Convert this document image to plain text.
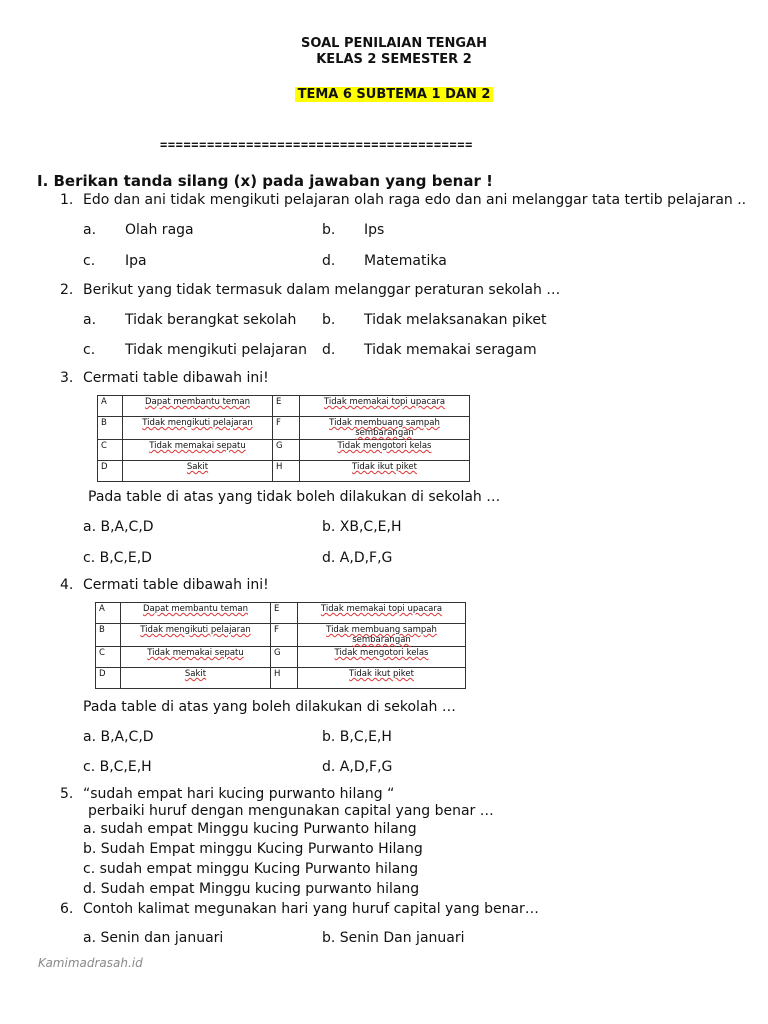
SOAL PENILAIAN TENGAH
KELAS 2 SEMESTER 2
TEMA 6 SUBTEMA 1 DAN 2
========================================
I. Berikan tanda silang (x) pada jawaban yang benar !
1. Edo dan ani tidak mengikuti pelajaran olah raga edo dan ani melanggar tata tertib pelajaran ..
a. Olah raga	b. Ips
c. Ipa	d. Matematika
2. Berikut yang tidak termasuk dalam melanggar peraturan sekolah …
a. Tidak berangkat sekolah b. Tidak melaksanakan piket
c. Tidak mengikuti pelajaran d. Tidak memakai seragam
3. Cermati table dibawah ini!
A	Dapat membantu teman	E	Tidak memakai topi upacara
B	Tidak mengikuti pelajaran	F	Tidak membuang sampah sembarangan
C	Tidak memakai sepatu	G	Tidak mengotori kelas
D	Sakit	H	Tidak ikut piket
Pada table di atas yang tidak boleh dilakukan di sekolah …
a. B,A,C,D	b. XB,C,E,H
c. B,C,E,D	d. A,D,F,G
4. Cermati table dibawah ini!
A	Dapat membantu teman	E	Tidak memakai topi upacara
B	Tidak mengikuti pelajaran	F	Tidak membuang sampah sembarangan
C	Tidak memakai sepatu	G	Tidak mengotori kelas
D	Sakit	H	Tidak ikut piket
Pada table di atas yang boleh dilakukan di sekolah …
a. B,A,C,D	b. B,C,E,H
c. B,C,E,H	d. A,D,F,G
5. “sudah empat hari kucing purwanto hilang “
perbaiki huruf dengan mengunakan capital yang benar …
a. sudah empat Minggu kucing Purwanto hilang
b. Sudah Empat minggu Kucing Purwanto Hilang
c. sudah empat minggu Kucing Purwanto hilang
d. Sudah empat Minggu kucing purwanto hilang
6. Contoh kalimat megunakan hari yang huruf capital yang benar…
a. Senin dan januari	b. Senin Dan januari
Kamimadrasah.id
